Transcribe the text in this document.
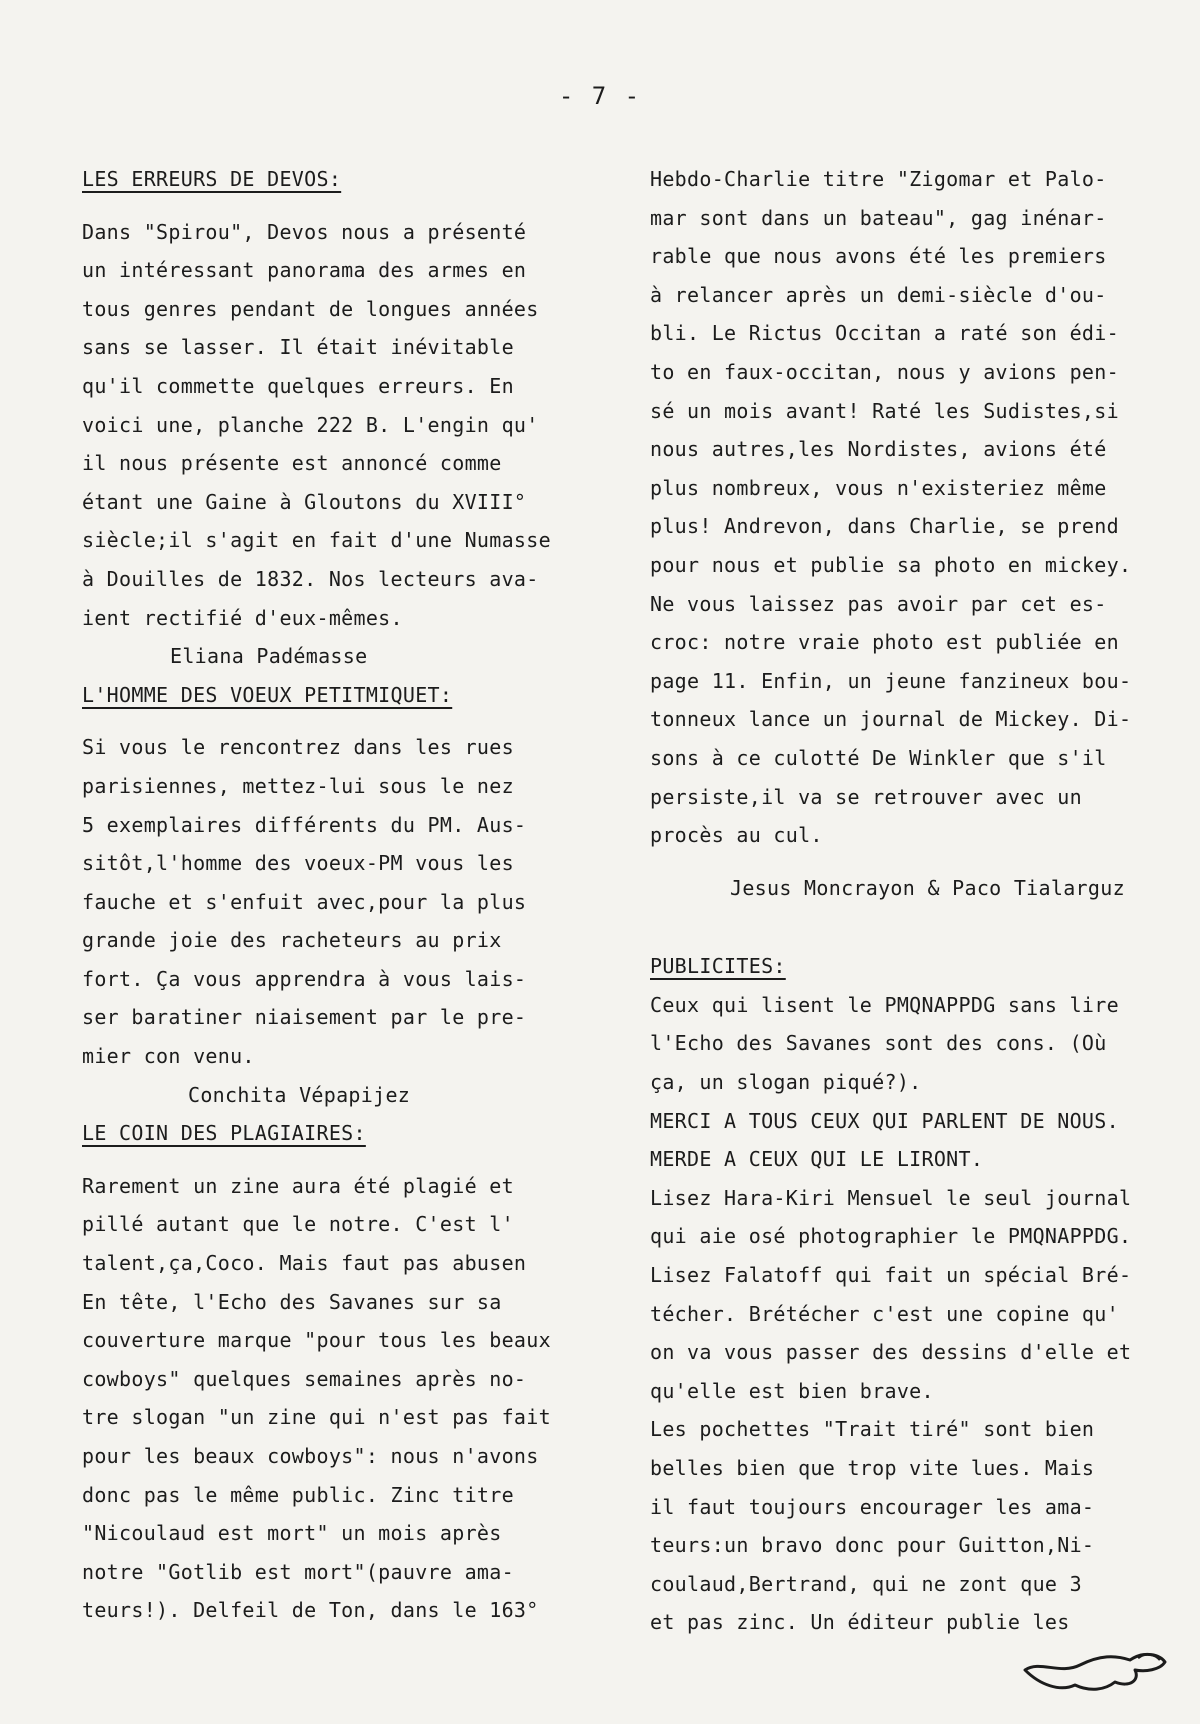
- 7 -
LES ERREURS DE DEVOS:
Dans "Spirou", Devos nous a présenté
un intéressant panorama des armes en
tous genres pendant de longues années
sans se lasser. Il était inévitable
qu'il commette quelques erreurs. En
voici une, planche 222 B. L'engin qu'
il nous présente est annoncé comme
étant une Gaine à Gloutons du XVIII°
siècle;il s'agit en fait d'une Numasse
à Douilles de 1832. Nos lecteurs ava-
ient rectifié d'eux-mêmes.
Eliana Padémasse
L'HOMME DES VOEUX PETITMIQUET:
Si vous le rencontrez dans les rues
parisiennes, mettez-lui sous le nez
5 exemplaires différents du PM. Aus-
sitôt,l'homme des voeux-PM vous les
fauche et s'enfuit avec,pour la plus
grande joie des racheteurs au prix
fort. Ça vous apprendra à vous lais-
ser baratiner niaisement par le pre-
mier con venu.
Conchita Vépapijez
LE COIN DES PLAGIAIRES:
Rarement un zine aura été plagié et
pillé autant que le notre. C'est l'
talent,ça,Coco. Mais faut pas abusen
En tête, l'Echo des Savanes sur sa
couverture marque "pour tous les beaux
cowboys" quelques semaines après no-
tre slogan "un zine qui n'est pas fait
pour les beaux cowboys": nous n'avons
donc pas le même public. Zinc titre
"Nicoulaud est mort" un mois après
notre "Gotlib est mort"(pauvre ama-
teurs!). Delfeil de Ton, dans le 163°
Hebdo-Charlie titre "Zigomar et Palo-
mar sont dans un bateau", gag inénar-
rable que nous avons été les premiers
à relancer après un demi-siècle d'ou-
bli. Le Rictus Occitan a raté son édi-
to en faux-occitan, nous y avions pen-
sé un mois avant! Raté les Sudistes,si
nous autres,les Nordistes, avions été
plus nombreux, vous n'existeriez même
plus! Andrevon, dans Charlie, se prend
pour nous et publie sa photo en mickey.
Ne vous laissez pas avoir par cet es-
croc: notre vraie photo est publiée en
page 11. Enfin, un jeune fanzineux bou-
tonneux lance un journal de Mickey. Di-
sons à ce culotté De Winkler que s'il
persiste,il va se retrouver avec un
procès au cul.
Jesus Moncrayon & Paco Tialarguz
PUBLICITES:
Ceux qui lisent le PMQNAPPDG sans lire
l'Echo des Savanes sont des cons. (Où
ça, un slogan piqué?).
MERCI A TOUS CEUX QUI PARLENT DE NOUS.
MERDE A CEUX QUI LE LIRONT.
Lisez Hara-Kiri Mensuel le seul journal
qui aie osé photographier le PMQNAPPDG.
Lisez Falatoff qui fait un spécial Bré-
técher. Brétécher c'est une copine qu'
on va vous passer des dessins d'elle et
qu'elle est bien brave.
Les pochettes "Trait tiré" sont bien
belles bien que trop vite lues. Mais
il faut toujours encourager les ama-
teurs:un bravo donc pour Guitton,Ni-
coulaud,Bertrand, qui ne zont que 3
et pas zinc. Un éditeur publie les
